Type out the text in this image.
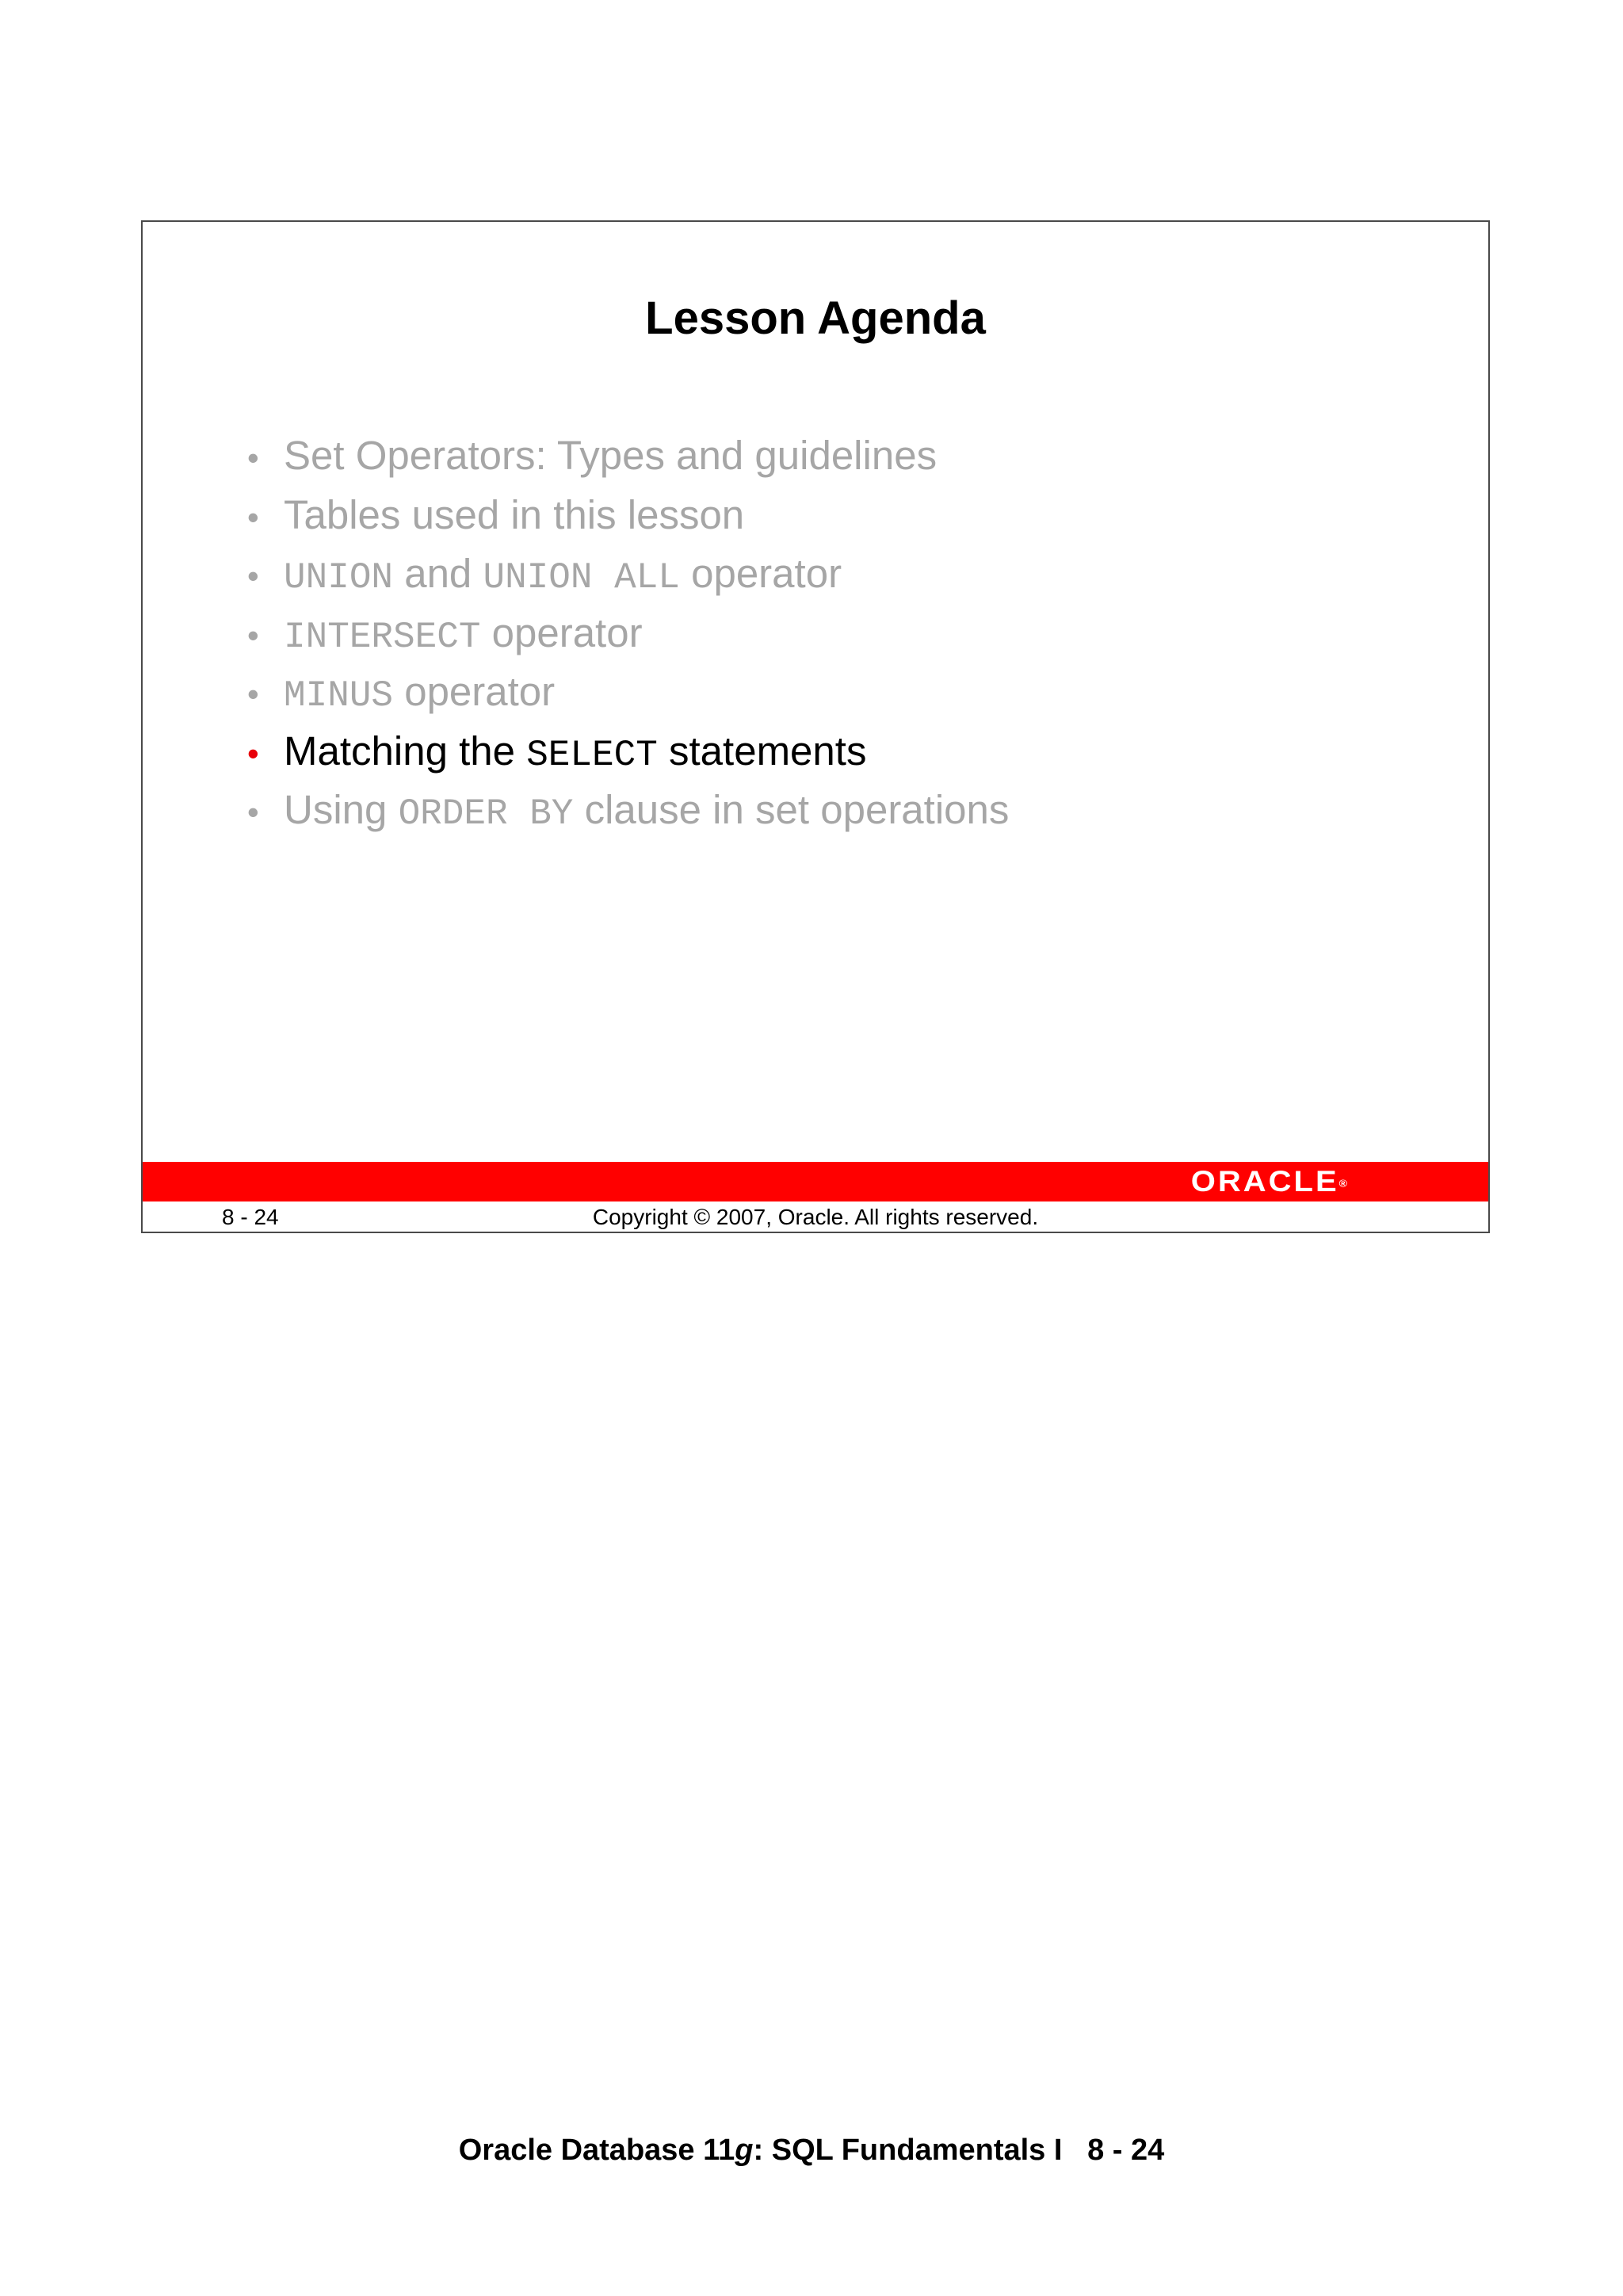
Lesson Agenda
• Set Operators: Types and guidelines
• Tables used in this lesson
• UNION and UNION ALL operator
• INTERSECT operator
• MINUS operator
• Matching the SELECT statements
• Using ORDER BY clause in set operations
ORACLE®
8 - 24	Copyright © 2007, Oracle. All rights reserved.
Oracle Database 11g: SQL Fundamentals I   8 - 24
